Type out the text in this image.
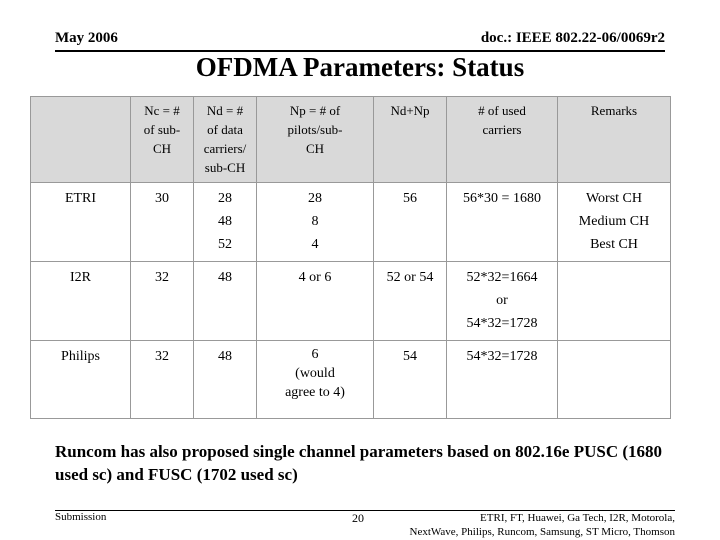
May 2006	doc.: IEEE 802.22-06/0069r2
OFDMA Parameters: Status

	Nc = #
of sub-
CH	Nd = #
of data
carriers/
sub-CH	Np = # of
pilots/sub-
CH	Nd+Np	# of used
carriers	Remarks

ETRI	30	28
48
52	28
8
4	56	56*30 = 1680	Worst CH
Medium CH
Best CH

I2R	32	48	4 or 6	52 or 54	52*32=1664
or
54*32=1728	

Philips	32	48	6
(would
agree to 4)	54	54*32=1728	

Runcom has also proposed single channel parameters based on 802.16e PUSC (1680 used sc) and FUSC (1702 used sc)
Submission	20	ETRI, FT, Huawei, Ga Tech, I2R, Motorola,
NextWave, Philips, Runcom, Samsung, ST Micro, Thomson
